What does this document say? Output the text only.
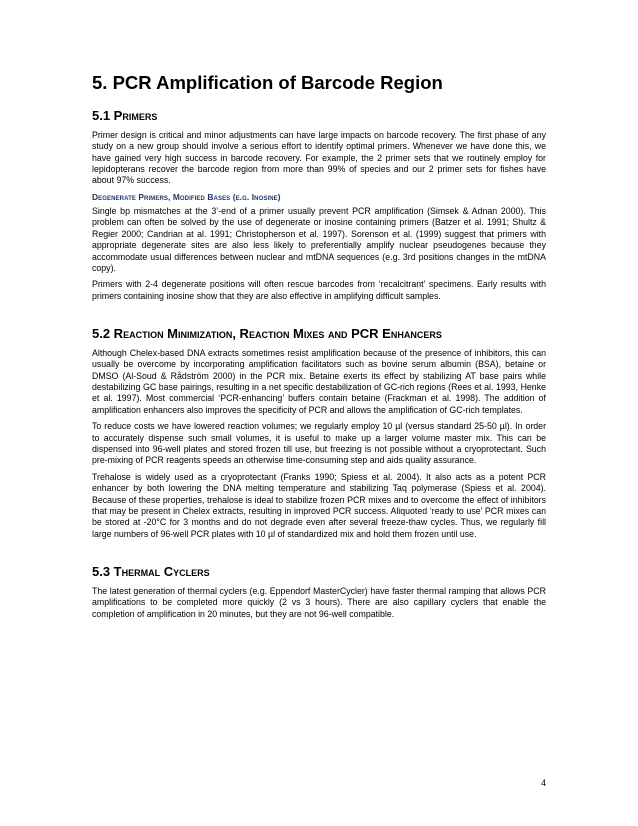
5. PCR Amplification of Barcode Region
5.1 Primers

Primer design is critical and minor adjustments can have large impacts on barcode recovery. The first phase of any study on a new group should involve a serious effort to identify optimal primers. Whenever we have done this, we have gained very high success in barcode recovery. For example, the 2 primer sets that we routinely employ for lepidopterans recover the barcode region from more than 99% of species and our 2 primer sets for fishes have about 97% success.

Degenerate Primers, Modified Bases (e.g. Inosine)

Single bp mismatches at the 3’-end of a primer usually prevent PCR amplification (Simsek & Adnan 2000). This problem can often be solved by the use of degenerate or inosine containing primers (Batzer et al. 1991; Shultz & Regier 2000; Candrian at al. 1991; Christopherson et al. 1997). Sorenson et al. (1999) suggest that primers with appropriate degenerate sites are also less likely to preferentially amplify nuclear pseudogenes because they accommodate usual differences between nuclear and mtDNA sequences (e.g. 3rd positions changes in the mtDNA copy).

Primers with 2-4 degenerate positions will often rescue barcodes from ‘recalcitrant’ specimens. Early results with primers containing inosine show that they are also effective in amplifying difficult samples.

5.2 Reaction Minimization, Reaction Mixes and PCR Enhancers

Although Chelex-based DNA extracts sometimes resist amplification because of the presence of inhibitors, this can usually be overcome by incorporating amplification facilitators such as bovine serum albumin (BSA), betaine or DMSO (Al-Soud & Rådström 2000) in the PCR mix. Betaine exerts its effect by stabilizing AT base pairs while destabilizing GC base pairings, resulting in a net specific destabilization of GC-rich regions (Rees et al. 1993, Henke et al. 1997). Most commercial ‘PCR-enhancing’ buffers contain betaine (Frackman et al. 1998). The addition of amplification enhancers also improves the specificity of PCR and allows the amplification of GC-rich templates.

To reduce costs we have lowered reaction volumes; we regularly employ 10 µl (versus standard 25-50 µl). In order to accurately dispense such small volumes, it is useful to make up a larger volume master mix. This can be dispensed into 96-well plates and stored frozen till use, but freezing is not possible without a cryoprotectant. Such pre-mixing of PCR reagents speeds an otherwise time-consuming step and aids quality assurance.

Trehalose is widely used as a cryoprotectant (Franks 1990; Spiess et al. 2004). It also acts as a potent PCR enhancer by both lowering the DNA melting temperature and stabilizing Taq polymerase (Spiess et al. 2004). Because of these properties, trehalose is ideal to stabilize frozen PCR mixes and to overcome the effect of inhibitors that may be present in Chelex extracts, resulting in improved PCR success. Aliquoted ‘ready to use’ PCR mixes can be stored at -20°C for 3 months and do not degrade even after several freeze-thaw cycles. Thus, we regularly fill large numbers of 96-well PCR plates with 10 µl of standardized mix and hold them frozen until use.

5.3 Thermal Cyclers

The latest generation of thermal cyclers (e.g. Eppendorf MasterCycler) have faster thermal ramping that allows PCR amplifications to be completed more quickly (2 vs 3 hours). There are also capillary cyclers that enable the completion of amplification in 20 minutes, but they are not 96-well compatible.

4
